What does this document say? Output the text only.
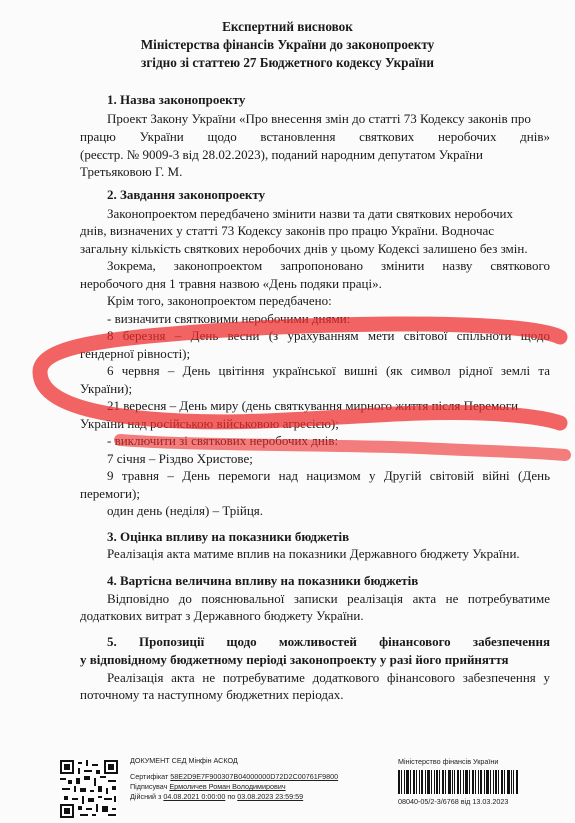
Експертний висновок
Міністерства фінансів України до законопроекту
згідно зі статтею 27 Бюджетного кодексу України
1. Назва законопроекту
Проект Закону України «Про внесення змін до статті 73 Кодексу законів про
працю України щодо встановлення святкових неробочих днів»
(реєстр. № 9009-3 від 28.02.2023), поданий народним депутатом України
Третьяковою Г. М.
2. Завдання законопроекту
Законопроектом передбачено змінити назви та дати святкових неробочих
днів, визначених у статті 73 Кодексу законів про працю України. Водночас
загальну кількість святкових неробочих днів у цьому Кодексі залишено без змін.
Зокрема, законопроектом запропоновано змінити назву святкового
неробочого дня 1 травня назвою «День подяки праці».
Крім того, законопроектом передбачено:
- визначити святковими неробочими днями:
8 березня – День весни (з урахуванням мети світової спільноти щодо
гендерної рівності);
6 червня – День цвітіння української вишні (як символ рідної землі та
України);
21 вересня – День миру (день святкування мирного життя після Перемоги
України над російською військовою агресією);
- виключити зі святкових неробочих днів:
7 січня – Різдво Христове;
9 травня – День перемоги над нацизмом у Другій світовій війні (День
перемоги);
один день (неділя) – Трійця.
3. Оцінка впливу на показники бюджетів
Реалізація акта матиме вплив на показники Державного бюджету України.
4. Вартісна величина впливу на показники бюджетів
Відповідно до пояснювальної записки реалізація акта не потребуватиме
додаткових витрат з Державного бюджету України.
5. Пропозиції щодо можливостей фінансового забезпечення
у відповідному бюджетному періоді законопроекту у разі його прийняття
Реалізація акта не потребуватиме додаткового фінансового забезпечення у
поточному та наступному бюджетних періодах.
ДОКУМЕНТ СЕД Мінфін АСКОД
Сертифікат 58E2D9E7F900307B04000000D72D2C00761F9800
Підписувач Ермоличев Роман Володимирович
Дійсний з 04.08.2021 0:00:00 по 03.08.2023 23:59:59
Міністерство фінансів України
08040-05/2-3/6768 від 13.03.2023
